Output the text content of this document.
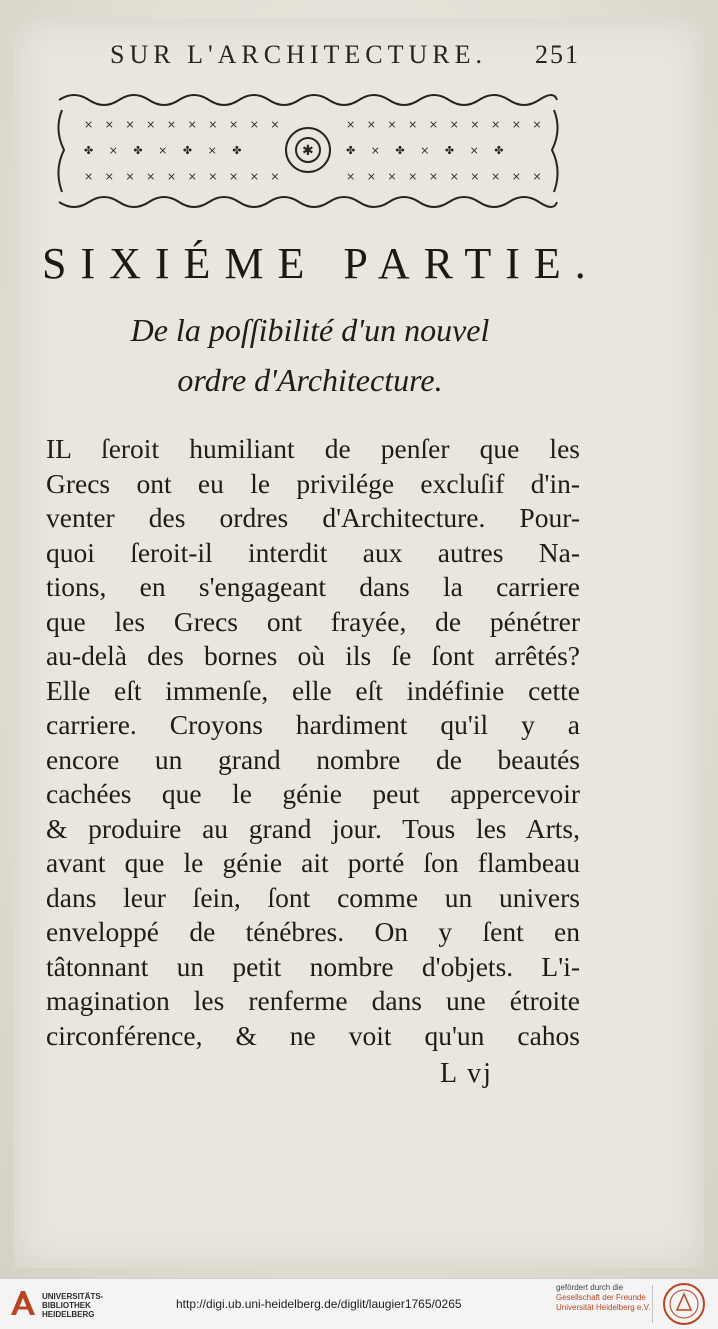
SUR L'ARCHITECTURE. 251
× × × × × × × × × ×
✤ × ✤ × ✤ × ✤
× × × × × × × × × ×
× × × × × × × × × ×
✤ × ✤ × ✤ × ✤
× × × × × × × × × ×
✱
SIXIÉME PARTIE.
De la poſſibilité d'un nouvel
ordre d'Architecture.
IL ſeroit humiliant de penſer que les
Grecs ont eu le privilége excluſif d'in-
venter des ordres d'Architecture. Pour-
quoi ſeroit-il interdit aux autres Na-
tions, en s'engageant dans la carriere
que les Grecs ont frayée, de pénétrer
au-delà des bornes où ils ſe ſont arrêtés?
Elle eſt immenſe, elle eſt indéfinie cette
carriere. Croyons hardiment qu'il y a
encore un grand nombre de beautés
cachées que le génie peut appercevoir
& produire au grand jour. Tous les Arts,
avant que le génie ait porté ſon flambeau
dans leur ſein, ſont comme un univers
enveloppé de ténébres. On y ſent en
tâtonnant un petit nombre d'objets. L'i-
magination les renferme dans une étroite
circonférence, & ne voit qu'un cahos
L vj
UNIVERSITÄTS-
BIBLIOTHEK
HEIDELBERG
http://digi.ub.uni-heidelberg.de/diglit/laugier1765/0265
gefördert durch die
Gesellschaft der Freunde
Universität Heidelberg e.V.
